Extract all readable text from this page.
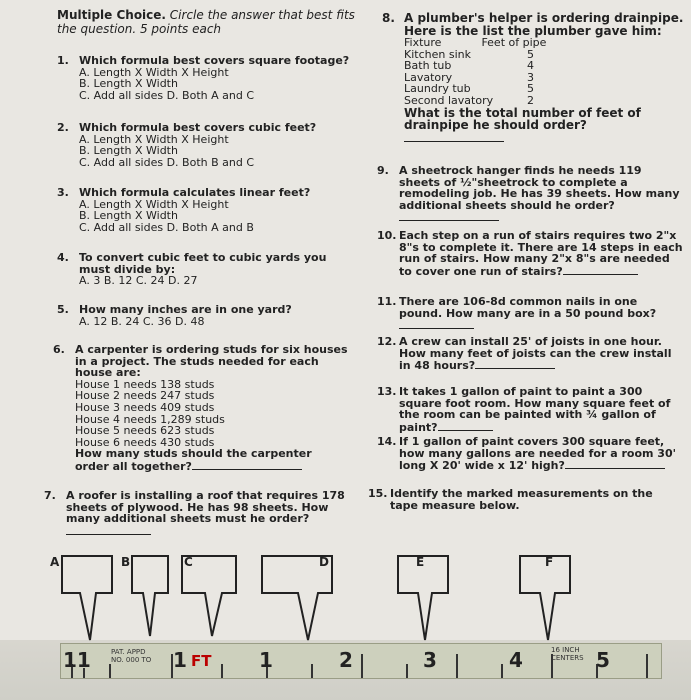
Multiple Choice. Circle the answer that best fits the question. 5 points each
1. Which formula best covers square footage?
A. Length X Width X Height
B. Length X Width
C. Add all sides D. Both A and C
2. Which formula best covers cubic feet?
A. Length X Width X Height
B. Length X Width
C. Add all sides D. Both B and C
3. Which formula calculates linear feet?
A. Length X Width X Height
B. Length X Width
C. Add all sides D. Both A and B
4. To convert cubic feet to cubic yards you must divide by:
A. 3 B. 12 C. 24 D. 27
5. How many inches are in one yard?
A. 12 B. 24 C. 36 D. 48
6. A carpenter is ordering studs for six houses in a project. The studs needed for each house are:
House 1 needs 138 studs
House 2 needs 247 studs
House 3 needs 409 studs
House 4 needs 1,289 studs
House 5 needs 623 studs
House 6 needs 430 studs
How many studs should the carpenter order all together?
7. A roofer is installing a roof that requires 178 sheets of plywood. He has 98 sheets. How many additional sheets must he order?
8. A plumber's helper is ordering drainpipe. Here is the list the plumber gave him:
Fixture	Feet of pipe
Kitchen sink	5
Bath tub	4
Lavatory	3
Laundry tub	5
Second lavatory	2
What is the total number of feet of drainpipe he should order?
9. A sheetrock hanger finds he needs 119 sheets of ½"sheetrock to complete a remodeling job. He has 39 sheets. How many additional sheets should he order?
10. Each step on a run of stairs requires two 2"x 8"s to complete it. There are 14 steps in each run of stairs. How many 2"x 8"s are needed to cover one run of stairs?
11. There are 106-8d common nails in one pound. How many are in a 50 pound box?
12. A crew can install 25' of joists in one hour. How many feet of joists can the crew install in 48 hours?
13. It takes 1 gallon of paint to paint a 300 square foot room. How many square feet of the room can be painted with ¾ gallon of paint?
14. If 1 gallon of paint covers 300 square feet, how many gallons are needed for a room 30' long X 20' wide x 12' high?
15. Identify the marked measurements on the tape measure below.
11	PAT. APPD
NO. 000 TO 1 FT 1	2	3	4	16 INCH
CENTERS 5
A	B	C	D	E	F
